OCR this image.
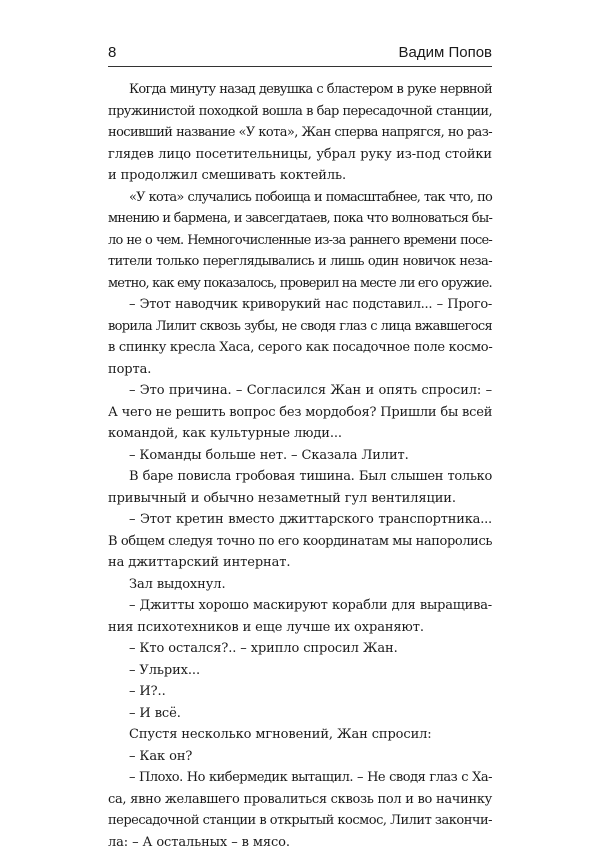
8	Вадим Попов
Когда минуту назад девушка с бластером в руке нервной
пружинистой походкой вошла в бар пересадочной станции,
носивший название «У кота», Жан сперва напрягся, но раз-
глядев лицо посетительницы, убрал руку из-под стойки
и продолжил смешивать коктейль.
«У кота» случались побоища и помасштабнее, так что, по
мнению и бармена, и завсегдатаев, пока что волноваться бы-
ло не о чем. Немногочисленные из-за раннего времени посе-
тители только переглядывались и лишь один новичок неза-
метно, как ему показалось, проверил на месте ли его оружие.
– Этот наводчик криворукий нас подставил... – Прого-
ворила Лилит сквозь зубы, не сводя глаз с лица вжавшегося
в спинку кресла Хаса, серого как посадочное поле космо-
порта.
– Это причина. – Согласился Жан и опять спросил: –
А чего не решить вопрос без мордобоя? Пришли бы всей
командой, как культурные люди...
– Команды больше нет. – Сказала Лилит.
В баре повисла гробовая тишина. Был слышен только
привычный и обычно незаметный гул вентиляции.
– Этот кретин вместо джиттарского транспортника...
В общем следуя точно по его координатам мы напоролись
на джиттарский интернат.
Зал выдохнул.
– Джитты хорошо маскируют корабли для выращива-
ния психотехников и еще лучше их охраняют.
– Кто остался?.. – хрипло спросил Жан.
– Ульрих...
– И?..
– И всё.
Спустя несколько мгновений, Жан спросил:
– Как он?
– Плохо. Но кибермедик вытащил. – Не сводя глаз с Ха-
са, явно желавшего провалиться сквозь пол и во начинку
пересадочной станции в открытый космос, Лилит закончи-
ла: – А остальных – в мясо.
